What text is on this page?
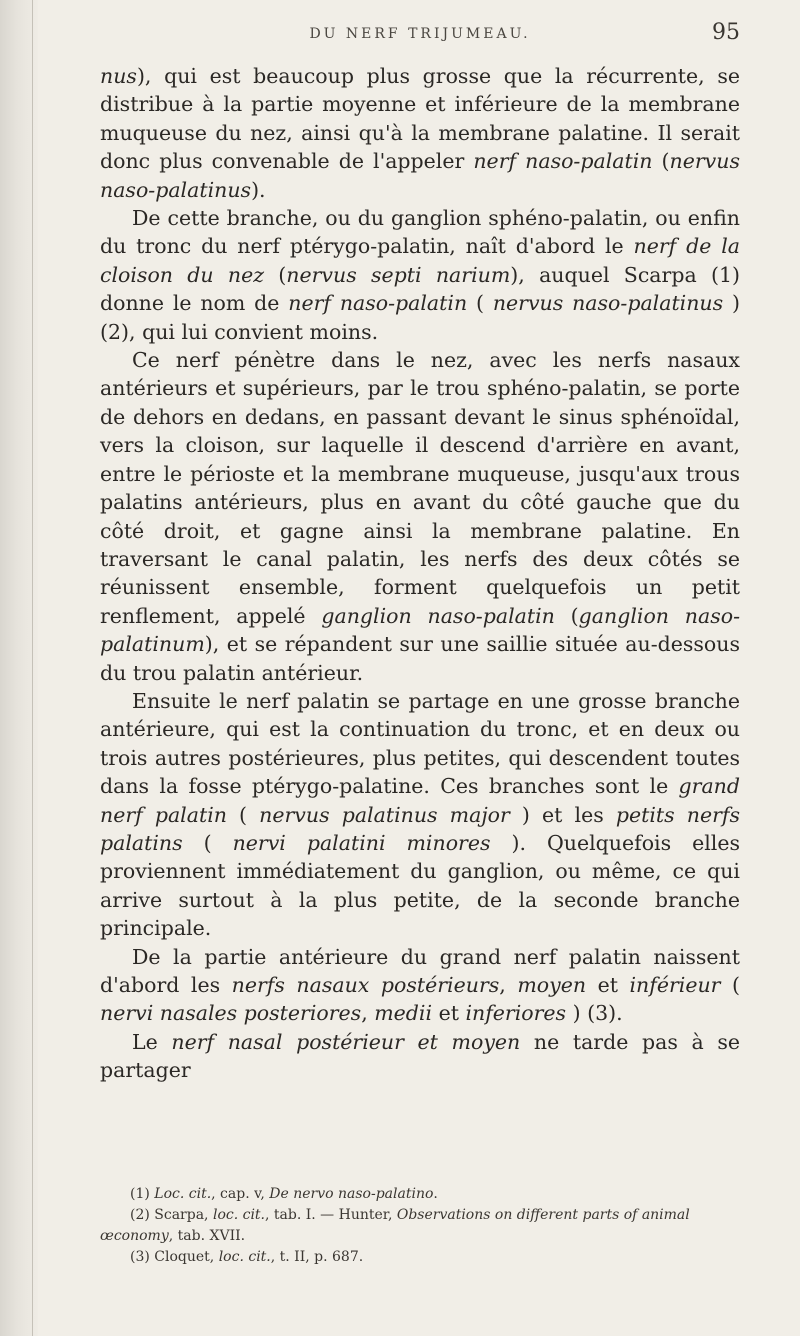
DU NERF TRIJUMEAU.	95

nus), qui est beaucoup plus grosse que la récurrente, se distribue à la partie moyenne et inférieure de la membrane muqueuse du nez, ainsi qu'à la membrane palatine. Il serait donc plus convenable de l'appeler nerf naso-palatin (nervus naso-palatinus).

De cette branche, ou du ganglion sphéno-palatin, ou enfin du tronc du nerf ptérygo-palatin, naît d'abord le nerf de la cloison du nez (nervus septi narium), auquel Scarpa (1) donne le nom de nerf naso-palatin ( nervus naso-palatinus ) (2), qui lui convient moins.

Ce nerf pénètre dans le nez, avec les nerfs nasaux antérieurs et supérieurs, par le trou sphéno-palatin, se porte de dehors en dedans, en passant devant le sinus sphénoïdal, vers la cloison, sur laquelle il descend d'arrière en avant, entre le périoste et la membrane muqueuse, jusqu'aux trous palatins antérieurs, plus en avant du côté gauche que du côté droit, et gagne ainsi la membrane palatine. En traversant le canal palatin, les nerfs des deux côtés se réunissent ensemble, forment quelquefois un petit renflement, appelé ganglion naso-palatin (ganglion naso-palatinum), et se répandent sur une saillie située au-dessous du trou palatin antérieur.

Ensuite le nerf palatin se partage en une grosse branche antérieure, qui est la continuation du tronc, et en deux ou trois autres postérieures, plus petites, qui descendent toutes dans la fosse ptérygo-palatine. Ces branches sont le grand nerf palatin ( nervus palatinus major ) et les petits nerfs palatins ( nervi palatini minores ). Quelquefois elles proviennent immédiatement du ganglion, ou même, ce qui arrive surtout à la plus petite, de la seconde branche principale.

De la partie antérieure du grand nerf palatin naissent d'abord les nerfs nasaux postérieurs, moyen et inférieur ( nervi nasales posteriores, medii et inferiores ) (3).

Le nerf nasal postérieur et moyen ne tarde pas à se partager

(1) Loc. cit., cap. v, De nervo naso-palatino.

(2) Scarpa, loc. cit., tab. I. — Hunter, Observations on different parts of animal œconomy, tab. XVII.

(3) Cloquet, loc. cit., t. II, p. 687.
